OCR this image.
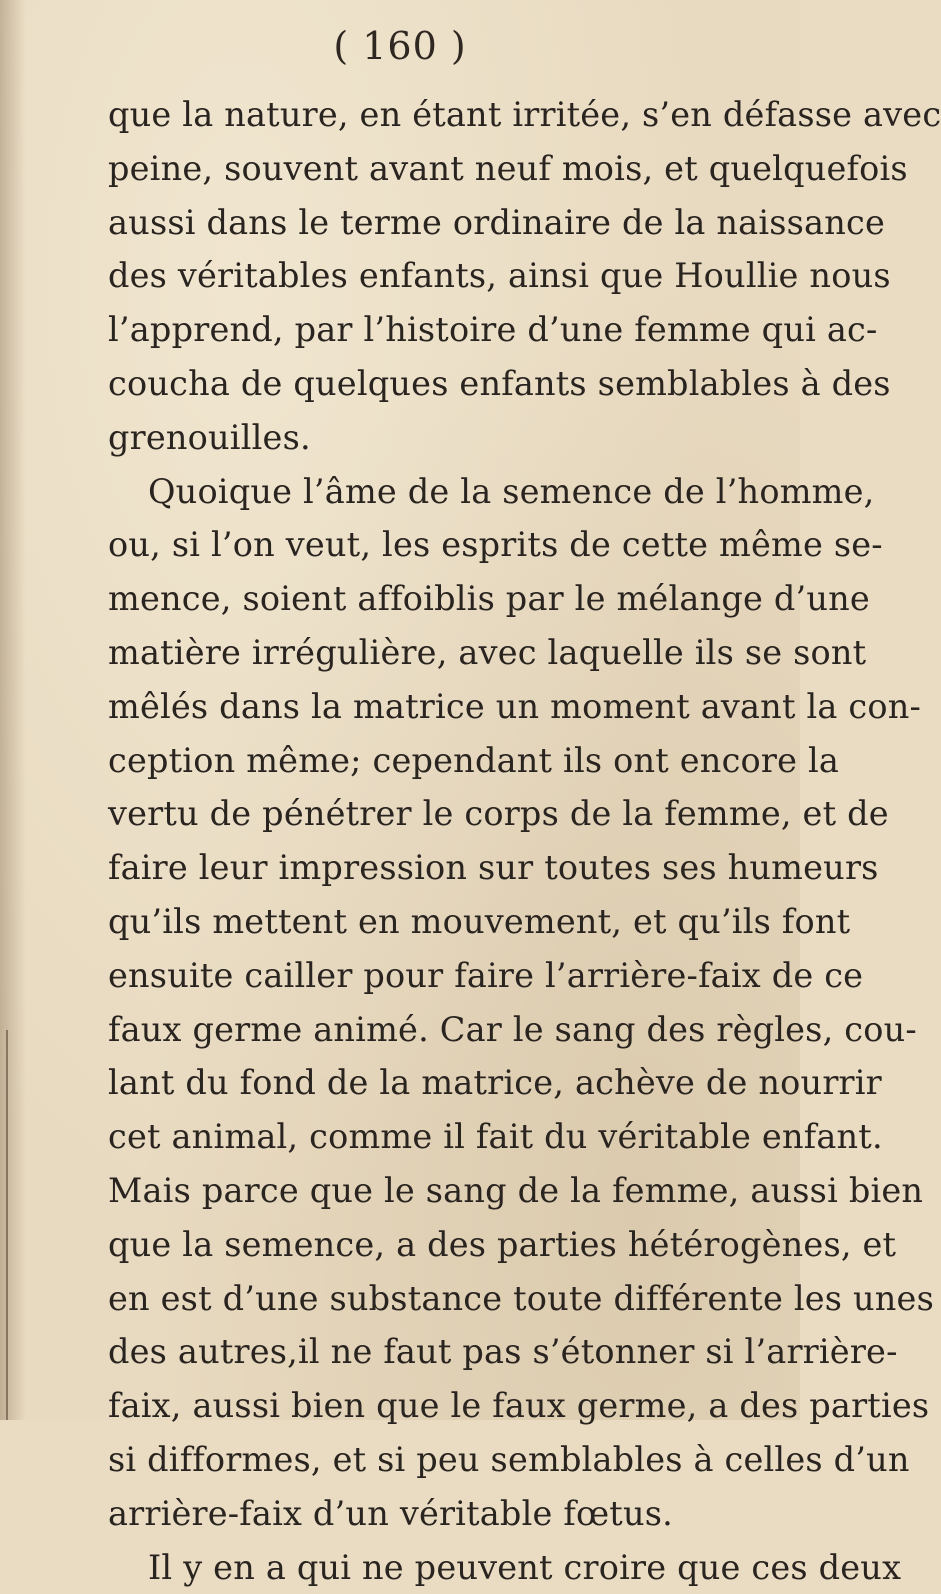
( 160 )
que la nature, en étant irritée, s’en défasse avec
peine, souvent avant neuf mois, et quelquefois
aussi dans le terme ordinaire de la naissance
des véritables enfants, ainsi que Houllie nous
l’apprend, par l’histoire d’une femme qui ac-
coucha de quelques enfants semblables à des
grenouilles.
Quoique l’âme de la semence de l’homme,
ou, si l’on veut, les esprits de cette même se-
mence, soient affoiblis par le mélange d’une
matière irrégulière, avec laquelle ils se sont
mêlés dans la matrice un moment avant la con-
ception même; cependant ils ont encore la
vertu de pénétrer le corps de la femme, et de
faire leur impression sur toutes ses humeurs
qu’ils mettent en mouvement, et qu’ils font
ensuite cailler pour faire l’arrière-faix de ce
faux germe animé. Car le sang des règles, cou-
lant du fond de la matrice, achève de nourrir
cet animal, comme il fait du véritable enfant.
Mais parce que le sang de la femme, aussi bien
que la semence, a des parties hétérogènes, et
en est d’une substance toute différente les unes
des autres,il ne faut pas s’étonner si l’arrière-
faix, aussi bien que le faux germe, a des parties
si difformes, et si peu semblables à celles d’un
arrière-faix d’un véritable fœtus.
Il y en a qui ne peuvent croire que ces deux
